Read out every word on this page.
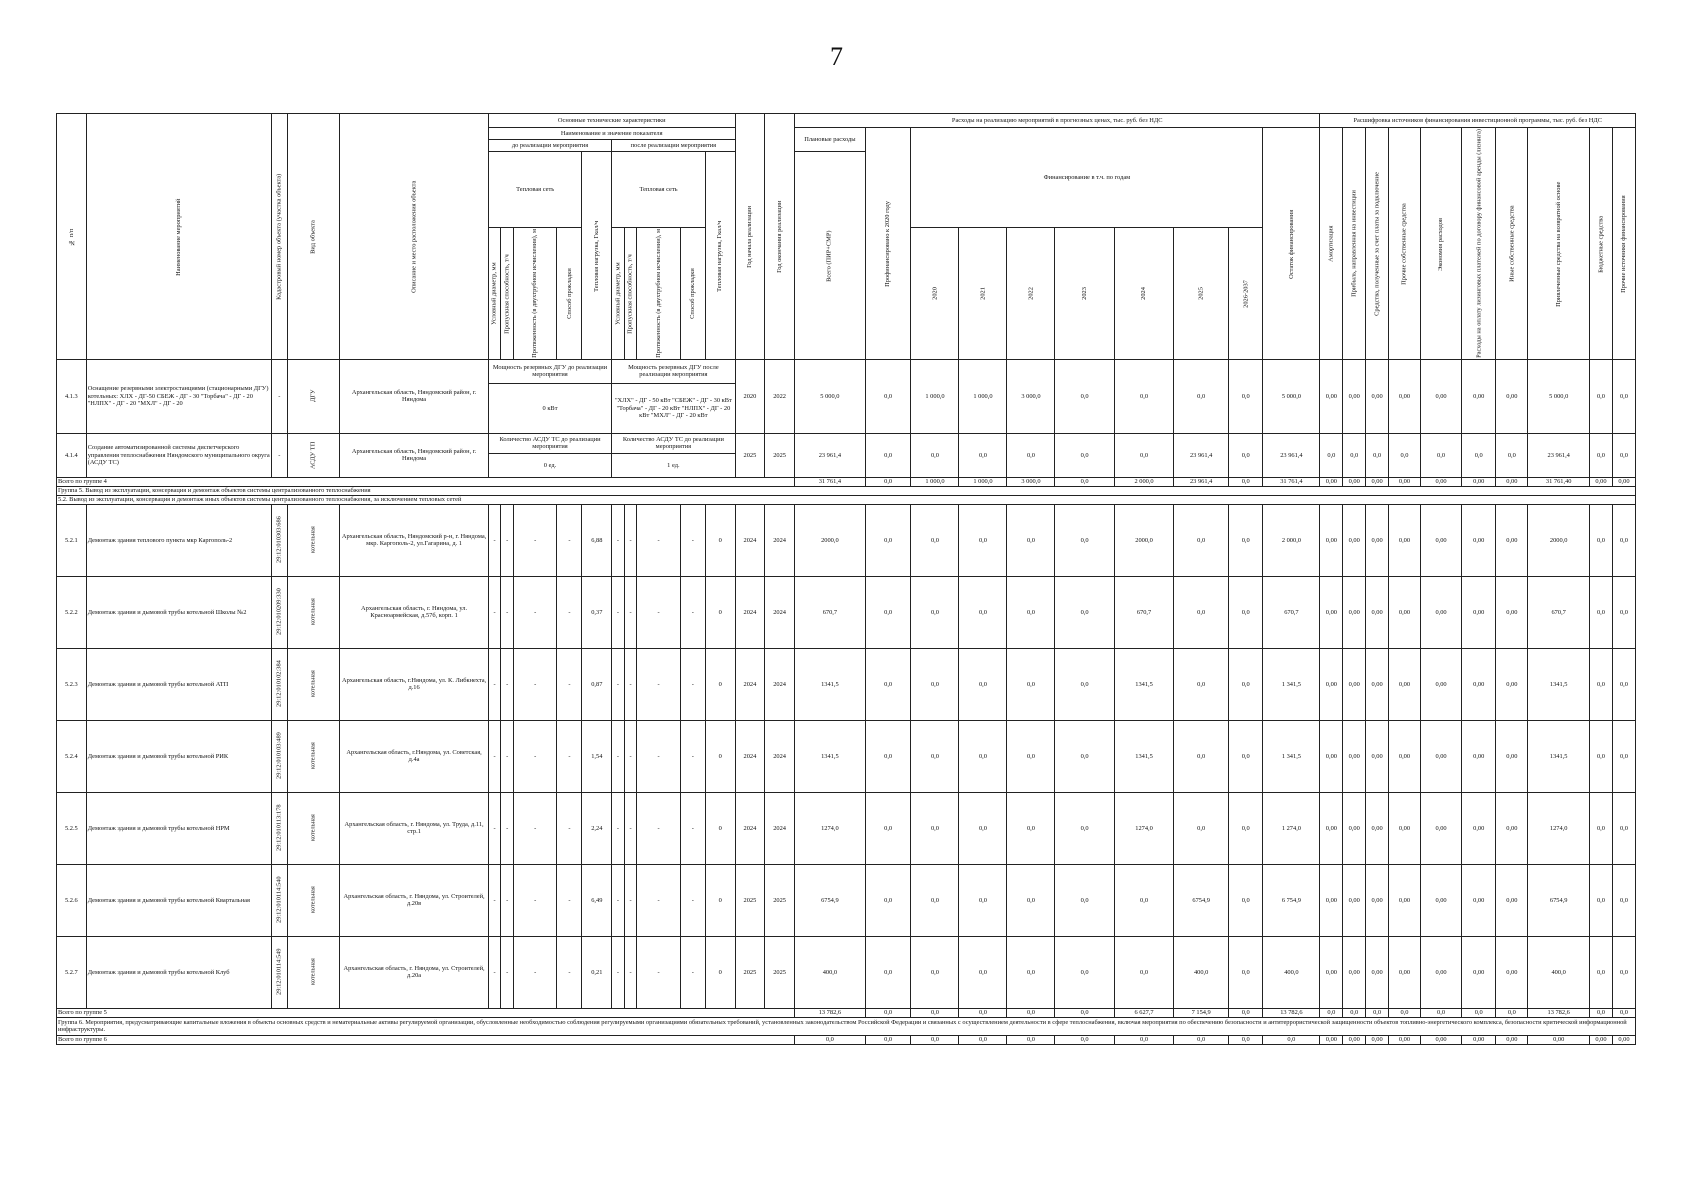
7
№ п/п	Наименование мероприятий	Кадастровый номер объекта (участка объекта)	Вид объекта	Описание и место расположения объекта	Основные технические характеристики										Год начала реализации	Год окончания реализации	Расходы на реализацию мероприятий в прогнозных ценах, тыс. руб. без НДС										Расшифровка источников финансирования инвестиционной программы, тыс. руб. без НДС									
					Наименование и значение показателя												Плановые расходы	Профинансировано к 2020 году	Финансирование в т.ч. по годам							Остаток финансирования	Амортизация	Прибыль, направленная на инвестиции	Средства, полученные за счет платы за подключение	Прочие собственные средства	Экономия расходов	Расходы на оплату лизинговых платежей по договору финансовой аренды (лизинга)	Иные собственные средства	Привлеченные средства на возвратной основе	Бюджетные средства	Прочие источники финансирования
					до реализации мероприятия					после реализации мероприятия																										
					Тепловая сеть				Тепловая нагрузка, Гкал/ч	Тепловая сеть				Тепловая нагрузка, Гкал/ч			Всего (ПИР+СМР)																			
					Условный диаметр, мм	Пропускная способность, т/ч	Протяженность (в двухтрубном исчислении), м	Способ прокладки		Условный диаметр, мм	Пропускная способность, т/ч	Протяженность (в двухтрубном исчислении), м	Способ прокладки						2020	2021	2022	2023	2024	2025	2026-2037											
4.1.3	Оснащение резервными электростанциями (стационарными ДГУ) котельных: ХЛХ - ДГ-50 СБЕЖ - ДГ - 30 "Торбача" - ДГ - 20 "НЛПХ" - ДГ - 20 "МХЛ" - ДГ - 20	-	ДГУ	Архангельская область, Няндомский район, г. Няндома	Мощность резервных ДГУ до реализации мероприятия					Мощность резервных ДГУ после реализации мероприятия					2020	2022	5 000,0	0,0	1 000,0	1 000,0	3 000,0	0,0	0,0	0,0	0,0	5 000,0	0,00	0,00	0,00	0,00	0,00	0,00	0,00	5 000,0	0,0	0,0
					0 кВт					"ХЛХ" - ДГ - 50 кВт "СБЕЖ" - ДГ - 30 кВт "Торбача" - ДГ - 20 кВт "НЛПХ" - ДГ - 20 кВт "МХЛ" - ДГ - 20 кВт																										
4.1.4	Создание автоматизированной системы диспетчерского управления теплоснабжения Няндомского муниципального округа (АСДУ ТС)	-	АСДУ ТП	Архангельская область, Няндомский район, г. Няндома	Количество АСДУ ТС до реализации мероприятия					Количество АСДУ ТС до реализации мероприятия					2025	2025	23 961,4	0,0	0,0	0,0	0,0	0,0	0,0	23 961,4	0,0	23 961,4	0,0	0,0	0,0	0,0	0,0	0,0	0,0	23 961,4	0,0	0,0
					0 ед.					1 ед.																										
Всего по группе 4																	31 761,4	0,0	1 000,0	1 000,0	3 000,0	0,0	2 000,0	23 961,4	0,0	31 761,4	0,00	0,00	0,00	0,00	0,00	0,00	0,00	31 761,40	0,00	0,00
Группа 5. Вывод из эксплуатации, консервация и демонтаж объектов системы централизованного теплоснабжения																																				
5.2. Вывод из эксплуатации, консервация и демонтаж иных объектов системы централизованного теплоснабжения, за исключением тепловых сетей																																				
5.2.1	Демонтаж здания теплового пункта мкр Каргополь-2	29:12:010303:686	котельная	Архангельская область, Няндомский р-н, г. Няндома, мкр. Каргополь-2, ул.Гагарина, д. 1	-	-	-	-	6,88	-	-	-	-	0	2024	2024	2000,0	0,0	0,0	0,0	0,0	0,0	2000,0	0,0	0,0	2 000,0	0,00	0,00	0,00	0,00	0,00	0,00	0,00	2000,0	0,0	0,0
5.2.2	Демонтаж здания и дымовой трубы котельной Школы №2	29:12:010209:330	котельная	Архангельская область, г. Няндома, ул. Красноармейская, д.57б, корп. 1	-	-	-	-	0,37	-	-	-	-	0	2024	2024	670,7	0,0	0,0	0,0	0,0	0,0	670,7	0,0	0,0	670,7	0,00	0,00	0,00	0,00	0,00	0,00	0,00	670,7	0,0	0,0
5.2.3	Демонтаж здания и дымовой трубы котельной АТП	29:12:010102:384	котельная	Архангельская область, г.Няндома, ул. К. Либкнехта, д.16	-	-	-	-	0,87	-	-	-	-	0	2024	2024	1341,5	0,0	0,0	0,0	0,0	0,0	1341,5	0,0	0,0	1 341,5	0,00	0,00	0,00	0,00	0,00	0,00	0,00	1341,5	0,0	0,0
5.2.4	Демонтаж здания и дымовой трубы котельной РИК	29:12:010103:489	котельная	Архангельская область, г.Няндома, ул. Советская, д.4а	-	-	-	-	1,54	-	-	-	-	0	2024	2024	1341,5	0,0	0,0	0,0	0,0	0,0	1341,5	0,0	0,0	1 341,5	0,00	0,00	0,00	0,00	0,00	0,00	0,00	1341,5	0,0	0,0
5.2.5	Демонтаж здания и дымовой трубы котельной НРМ	29:12:010113:178	котельная	Архангельская область, г. Няндома, ул. Труда, д.11, стр.1	-	-	-	-	2,24	-	-	-	-	0	2024	2024	1274,0	0,0	0,0	0,0	0,0	0,0	1274,0	0,0	0,0	1 274,0	0,00	0,00	0,00	0,00	0,00	0,00	0,00	1274,0	0,0	0,0
5.2.6	Демонтаж здания и дымовой трубы котельной Квартальная	29:12:010114:540	котельная	Архангельская область, г. Няндома, ул. Строителей, д.20в	-	-	-	-	6,49	-	-	-	-	0	2025	2025	6754,9	0,0	0,0	0,0	0,0	0,0	0,0	6754,9	0,0	6 754,9	0,00	0,00	0,00	0,00	0,00	0,00	0,00	6754,9	0,0	0,0
5.2.7	Демонтаж здания и дымовой трубы котельной Клуб	29:12:010114:549	котельная	Архангельская область, г. Няндома, ул. Строителей, д.20а	-	-	-	-	0,21	-	-	-	-	0	2025	2025	400,0	0,0	0,0	0,0	0,0	0,0	0,0	400,0	0,0	400,0	0,00	0,00	0,00	0,00	0,00	0,00	0,00	400,0	0,0	0,0
Всего по группе 5																	13 782,6	0,0	0,0	0,0	0,0	0,0	6 627,7	7 154,9	0,0	13 782,6	0,0	0,0	0,0	0,0	0,0	0,0	0,0	13 782,6	0,0	0,0
Группа 6. Мероприятия, предусматривающие капитальные вложения в объекты основных средств и нематериальные активы регулируемой организации, обусловленные необходимостью соблюдения регулируемыми организациями обязательных требований, установленных законодательством Российской Федерации и связанных с осуществлением деятельности в сфере теплоснабжения, включая мероприятия по обеспечению безопасности и антитеррористической защищенности объектов топливно-энергетического комплекса, безопасности критической информационной инфраструктуры.																																				
Всего по группе 6																	0,0	0,0	0,0	0,0	0,0	0,0	0,0	0,0	0,0	0,0	0,00	0,00	0,00	0,00	0,00	0,00	0,00	0,00	0,00	0,00
